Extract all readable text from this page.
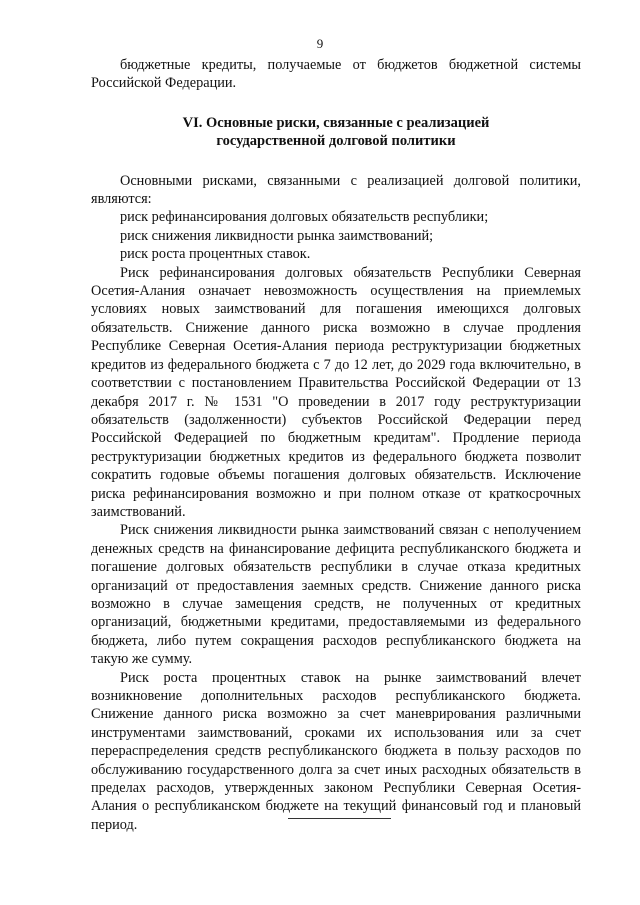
9

бюджетные кредиты, получаемые от бюджетов бюджетной системы Российской Федерации.

VI. Основные риски, связанные с реализацией
государственной долговой политики

Основными рисками, связанными с реализацией долговой политики, являются:

риск рефинансирования долговых обязательств республики;

риск снижения ликвидности рынка заимствований;

риск роста процентных ставок.

Риск рефинансирования долговых обязательств Республики Северная Осетия-Алания означает невозможность осуществления на приемлемых условиях новых заимствований для погашения имеющихся долговых обязательств. Снижение данного риска возможно в случае продления Республике Северная Осетия-Алания периода реструктуризации бюджетных кредитов из федерального бюджета с 7 до 12 лет, до 2029 года включительно, в соответствии с постановлением Правительства Российской Федерации от 13 декабря 2017 г. № 1531 "О проведении в 2017 году реструктуризации обязательств (задолженности) субъектов Российской Федерации перед Российской Федерацией по бюджетным кредитам". Продление периода реструктуризации бюджетных кредитов из федерального бюджета позволит сократить годовые объемы погашения долговых обязательств. Исключение риска рефинансирования возможно и при полном отказе от краткосрочных заимствований.

Риск снижения ликвидности рынка заимствований связан с неполучением денежных средств на финансирование дефицита республиканского бюджета и погашение долговых обязательств республики в случае отказа кредитных организаций от предоставления заемных средств. Снижение данного риска возможно в случае замещения средств, не полученных от кредитных организаций, бюджетными кредитами, предоставляемыми из федерального бюджета, либо путем сокращения расходов республиканского бюджета на такую же сумму.

Риск роста процентных ставок на рынке заимствований влечет возникновение дополнительных расходов республиканского бюджета. Снижение данного риска возможно за счет маневрирования различными инструментами заимствований, сроками их использования или за счет перераспределения средств республиканского бюджета в пользу расходов по обслуживанию государственного долга за счет иных расходных обязательств в пределах расходов, утвержденных законом Республики Северная Осетия-Алания о республиканском бюджете на текущий финансовый год и плановый период.
